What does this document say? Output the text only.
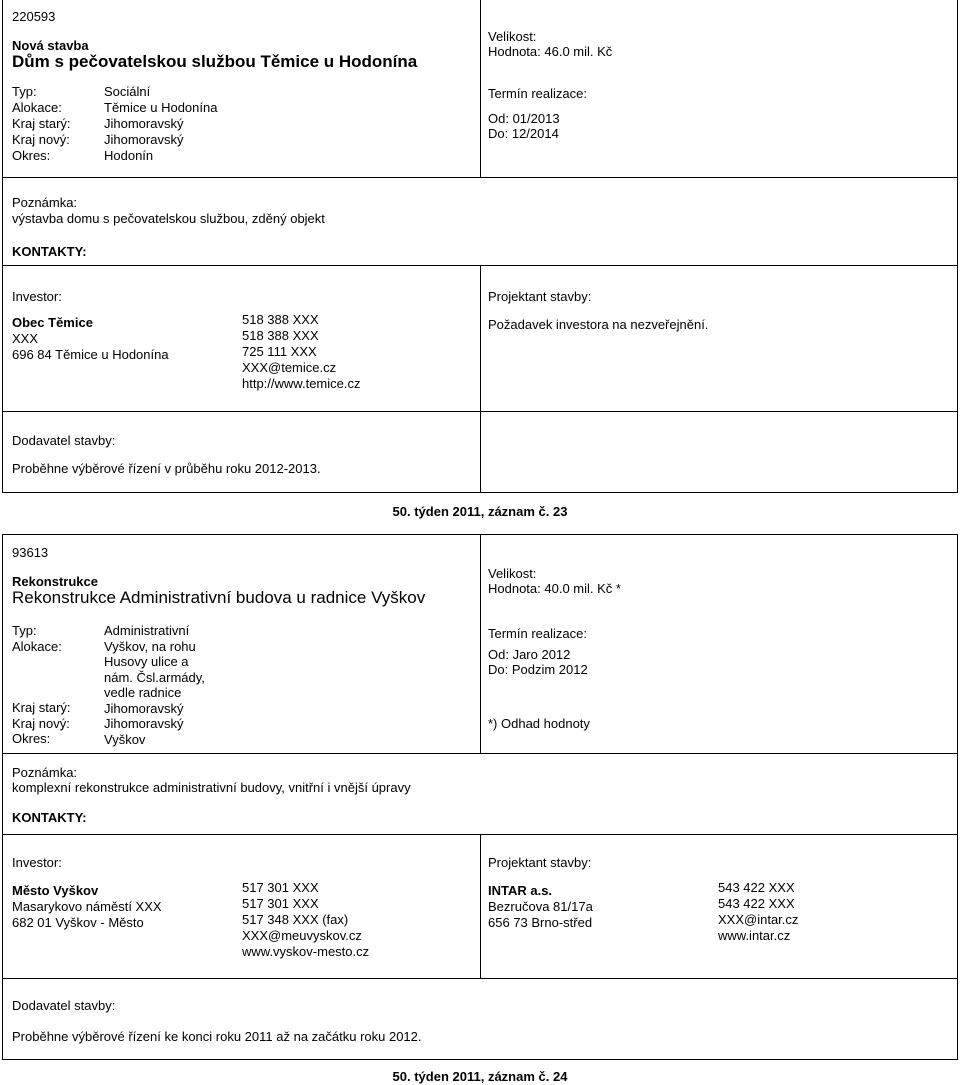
220593
Nová stavba
Dům s pečovatelskou službou Těmice u Hodonína
Typ:
Alokace:
Kraj starý:
Kraj nový:
Okres:
Sociální
Těmice u Hodonína
Jihomoravský
Jihomoravský
Hodonín
Velikost:
Hodnota: 46.0 mil. Kč
Termín realizace:
Od: 01/2013
Do: 12/2014
Poznámka:
výstavba domu s pečovatelskou službou, zděný objekt
KONTAKTY:
Investor:
Obec Těmice
XXX
696 84 Těmice u Hodonína
518 388 XXX
518 388 XXX
725 111 XXX
XXX@temice.cz
http://www.temice.cz
Projektant stavby:
Požadavek investora na nezveřejnění.
Dodavatel stavby:
Proběhne výběrové řízení v průběhu roku 2012-2013.
50. týden 2011, záznam č. 23
93613
Rekonstrukce
Rekonstrukce Administrativní budova u radnice Vyškov
Typ:
Alokace:
Kraj starý:
Kraj nový:
Okres:
Administrativní
Vyškov, na rohu
Husovy ulice a
nám. Čsl.armády,
vedle radnice
Jihomoravský
Jihomoravský
Vyškov
Velikost:
Hodnota: 40.0 mil. Kč *
Termín realizace:
Od: Jaro 2012
Do: Podzim 2012
*) Odhad hodnoty
Poznámka:
komplexní rekonstrukce administrativní budovy, vnitřní i vnější úpravy
KONTAKTY:
Investor:
Město Vyškov
Masarykovo náměstí XXX
682 01 Vyškov - Město
517 301 XXX
517 301 XXX
517 348 XXX (fax)
XXX@meuvyskov.cz
www.vyskov-mesto.cz
Projektant stavby:
INTAR a.s.
Bezručova 81/17a
656 73 Brno-střed
543 422 XXX
543 422 XXX
XXX@intar.cz
www.intar.cz
Dodavatel stavby:
Proběhne výběrové řízení ke konci roku 2011 až na začátku roku 2012.
50. týden 2011, záznam č. 24
